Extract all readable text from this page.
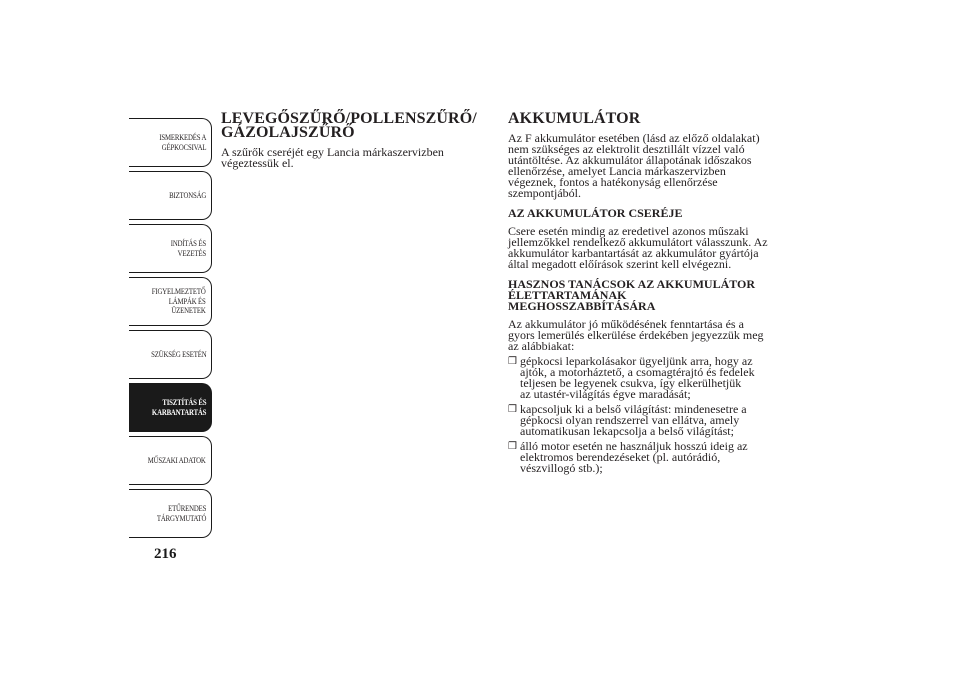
ISMERKEDÉS A
GÉPKOCSIVAL
BIZTONSÁG
INDÍTÁS ÉS
VEZETÉS
FIGYELMEZTETŐ
LÁMPÁK ÉS
ÜZENETEK
SZÜKSÉG ESETÉN
TISZTÍTÁS ÉS
KARBANTARTÁS
MŰSZAKI ADATOK
ETŰRENDES
TÁRGYMUTATÓ
216
LEVEGŐSZŰRŐ/POLLENSZŰRŐ/
GÁZOLAJSZŰRŐ

A szűrők cseréjét egy Lancia márkaszervizben

végeztessük el.

AKKUMULÁTOR

Az F akkumulátor esetében (lásd az előző oldalakat)

nem szükséges az elektrolit desztillált vízzel való

utántöltése. Az akkumulátor állapotának időszakos

ellenőrzése, amelyet Lancia márkaszervizben

végeznek, fontos a hatékonyság ellenőrzése

szempontjából.

AZ AKKUMULÁTOR CSERÉJE

Csere esetén mindig az eredetivel azonos műszaki

jellemzőkkel rendelkező akkumulátort válasszunk. Az

akkumulátor karbantartását az akkumulátor gyártója

által megadott előírások szerint kell elvégezni.

HASZNOS TANÁCSOK AZ AKKUMULÁTOR
ÉLETTARTAMÁNAK
MEGHOSSZABBÍTÁSÁRA

Az akkumulátor jó működésének fenntartása és a

gyors lemerülés elkerülése érdekében jegyezzük meg

az alábbiakat:

❒ gépkocsi leparkolásakor ügyeljünk arra, hogy az
ajtók, a motorháztető, a csomagtérajtó és fedelek
teljesen be legyenek csukva, így elkerülhetjük
az utastér-világítás égve maradását;
❒ kapcsoljuk ki a belső világítást: mindenesetre a
gépkocsi olyan rendszerrel van ellátva, amely
automatikusan lekapcsolja a belső világítást;
❒ álló motor esetén ne használjuk hosszú ideig az
elektromos berendezéseket (pl. autórádió,
vészvillogó stb.);
